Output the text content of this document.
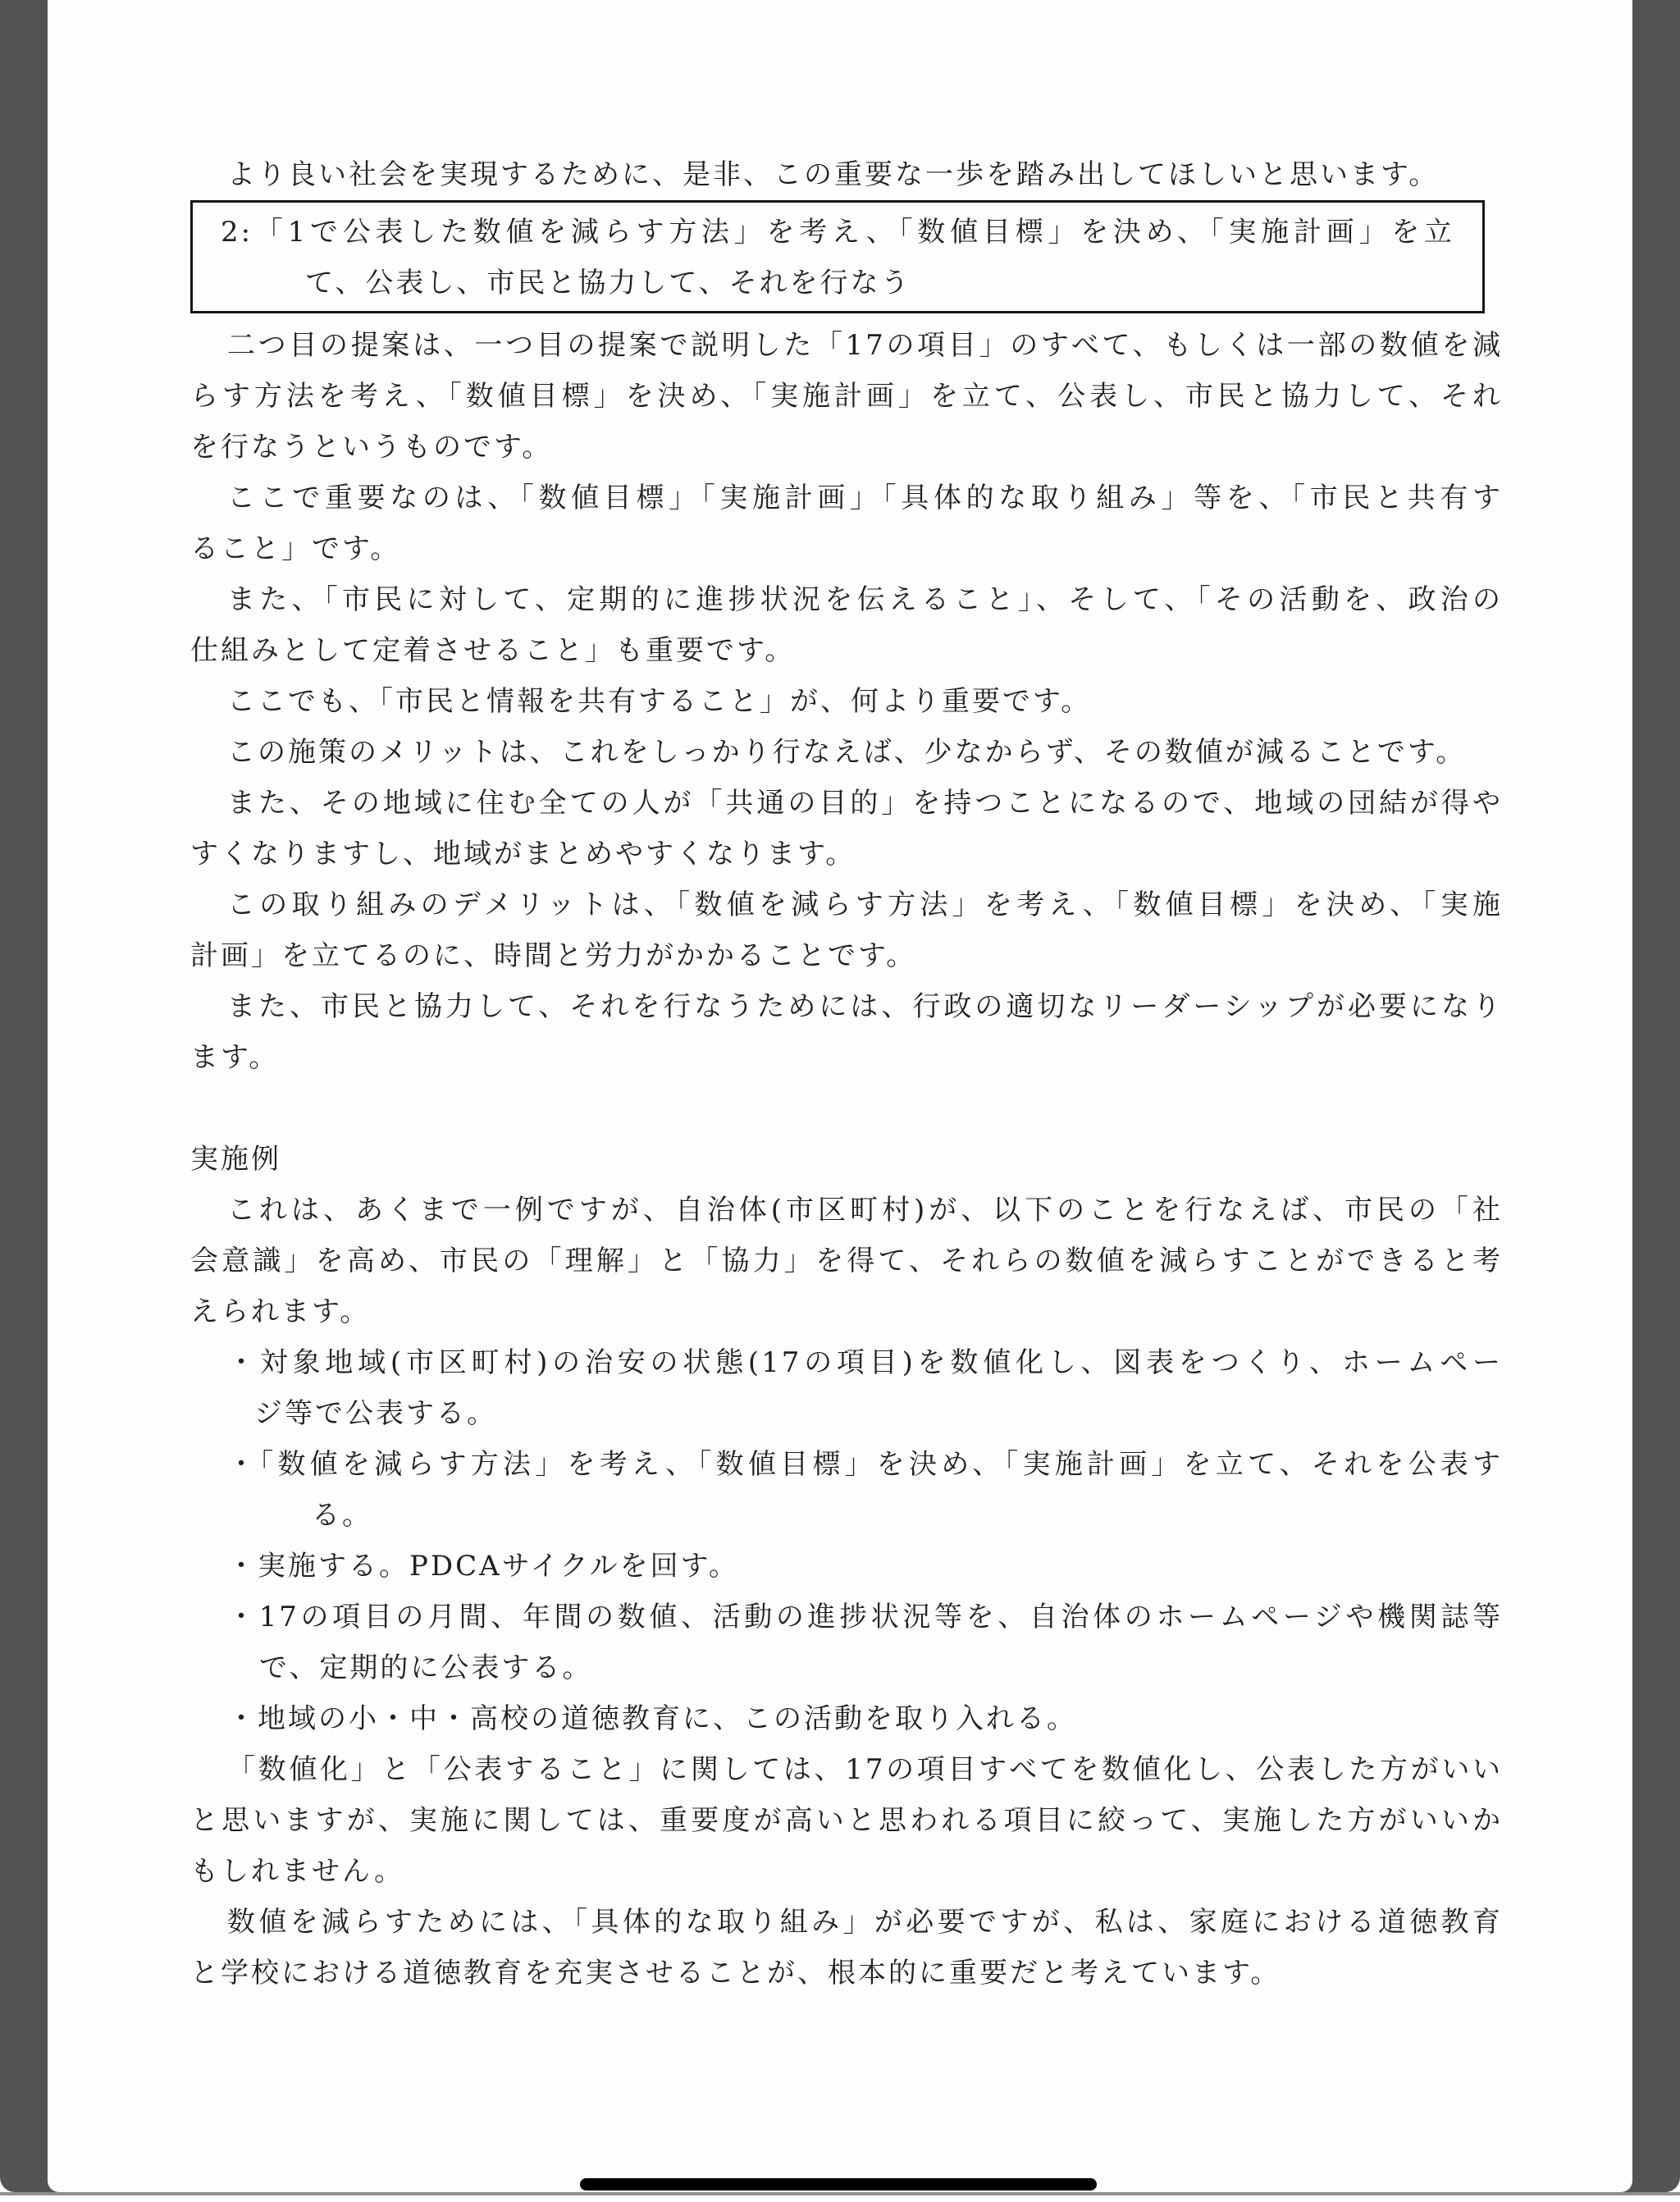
より良い社会を実現するために、是非、この重要な一歩を踏み出してほしいと思います。
2:「1で公表した数値を減らす方法」を考え、「数値目標」を決め、「実施計画」を立
て、公表し、市民と協力して、それを行なう
二つ目の提案は、一つ目の提案で説明した「17の項目」のすべて、もしくは一部の数値を減
らす方法を考え、「数値目標」を決め、「実施計画」を立て、公表し、市民と協力して、それ
を行なうというものです。
ここで重要なのは、「数値目標」「実施計画」「具体的な取り組み」等を、「市民と共有す
ること」です。
また、「市民に対して、定期的に進捗状況を伝えること」、そして、「その活動を、政治の
仕組みとして定着させること」も重要です。
ここでも、「市民と情報を共有すること」が、何より重要です。
この施策のメリットは、これをしっかり行なえば、少なからず、その数値が減ることです。
また、その地域に住む全ての人が「共通の目的」を持つことになるので、地域の団結が得や
すくなりますし、地域がまとめやすくなります。
この取り組みのデメリットは、「数値を減らす方法」を考え、「数値目標」を決め、「実施
計画」を立てるのに、時間と労力がかかることです。
また、市民と協力して、それを行なうためには、行政の適切なリーダーシップが必要になり
ます。
実施例
これは、あくまで一例ですが、自治体(市区町村)が、以下のことを行なえば、市民の「社
会意識」を高め、市民の「理解」と「協力」を得て、それらの数値を減らすことができると考
えられます。
・対象地域(市区町村)の治安の状態(17の項目)を数値化し、図表をつくり、ホームペー
ジ等で公表する。
・「数値を減らす方法」を考え、「数値目標」を決め、「実施計画」を立て、それを公表す
る。
・実施する。PDCAサイクルを回す。
・17の項目の月間、年間の数値、活動の進捗状況等を、自治体のホームページや機関誌等
で、定期的に公表する。
・地域の小・中・高校の道徳教育に、この活動を取り入れる。
「数値化」と「公表すること」に関しては、17の項目すべてを数値化し、公表した方がいい
と思いますが、実施に関しては、重要度が高いと思われる項目に絞って、実施した方がいいか
もしれません。
数値を減らすためには、「具体的な取り組み」が必要ですが、私は、家庭における道徳教育
と学校における道徳教育を充実させることが、根本的に重要だと考えています。
